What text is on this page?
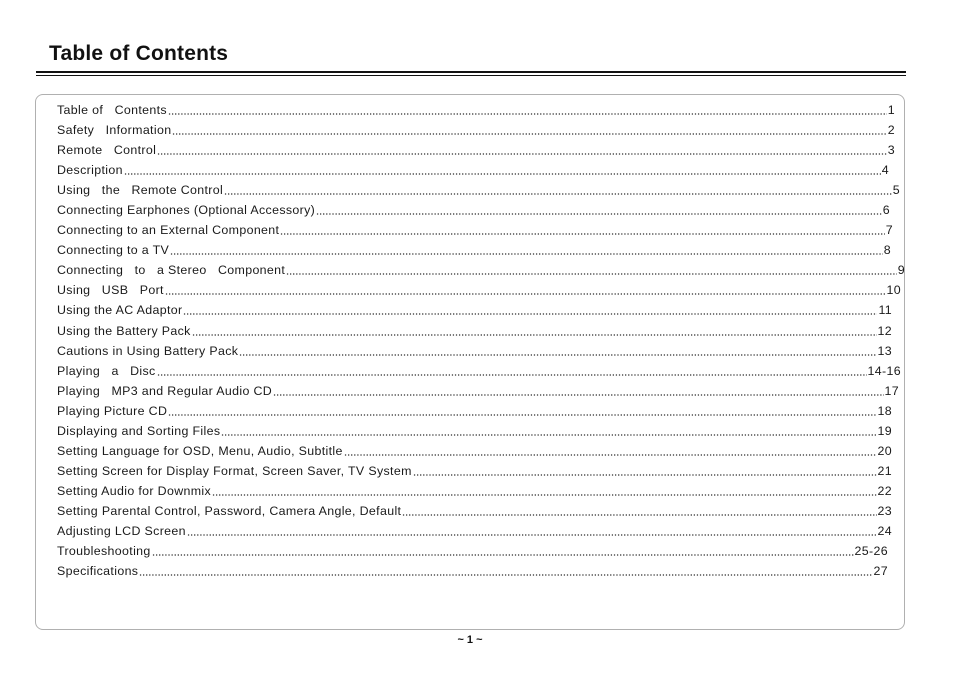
Table of Contents
Table of   Contents	1
Safety   Information	2
Remote   Control	3
Description	4
Using   the   Remote Control	5
Connecting Earphones (Optional Accessory)	6
Connecting to an External Component	7
Connecting to a TV	8
Connecting   to   a Stereo   Component	9
Using   USB   Port	10
Using the AC Adaptor	11
Using the Battery Pack	12
Cautions in Using Battery Pack	13
Playing   a   Disc	14-16
Playing   MP3 and Regular Audio CD	17
Playing Picture CD	18
Displaying and Sorting Files	19
Setting Language for OSD, Menu, Audio, Subtitle	20
Setting Screen for Display Format, Screen Saver, TV System	21
Setting Audio for Downmix	22
Setting Parental Control, Password, Camera Angle, Default	23
Adjusting LCD Screen	24
Troubleshooting	25-26
Specifications	27
~ 1 ~
